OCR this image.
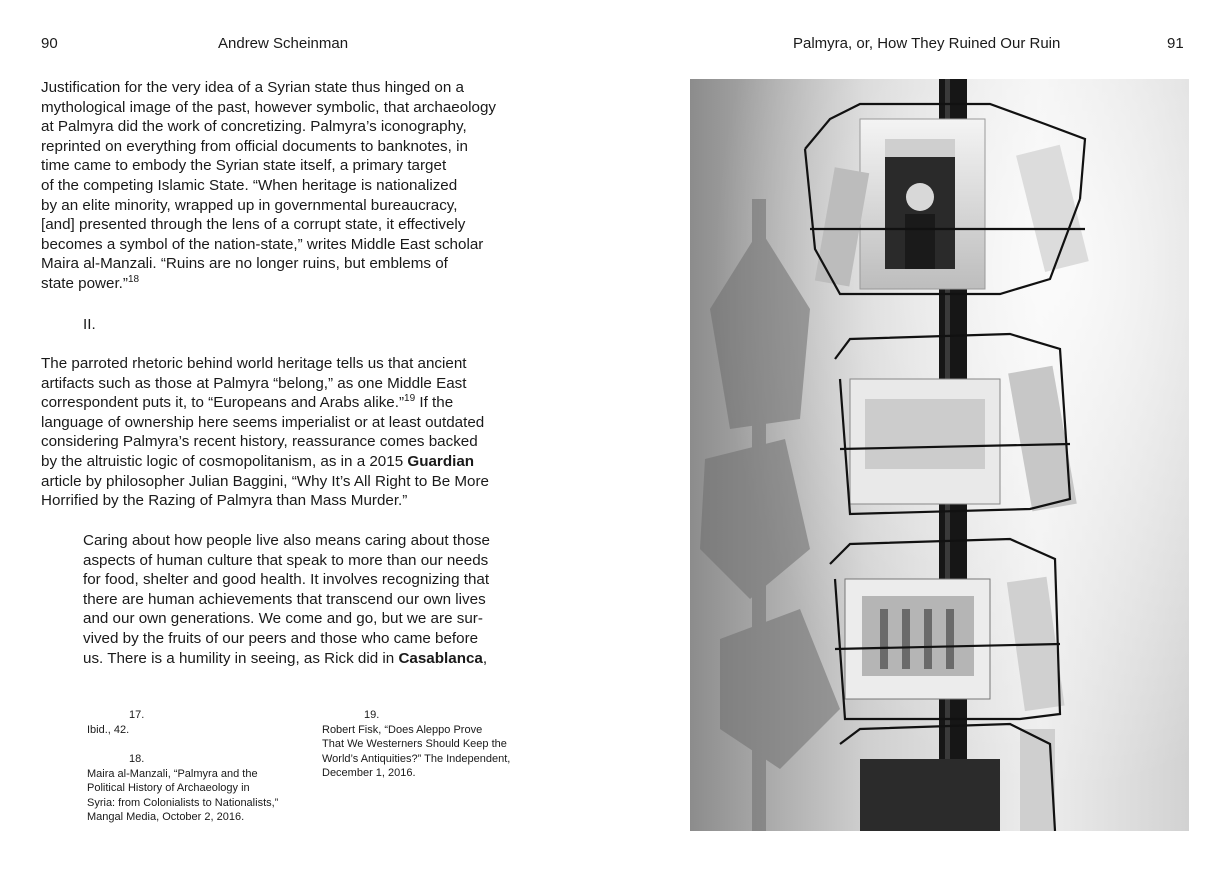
90	Andrew Scheinman	Palmyra, or, How They Ruined Our Ruin	91
Justification for the very idea of a Syrian state thus hinged on a
mythological image of the past, however symbolic, that archaeology
at Palmyra did the work of concretizing. Palmyra’s iconography,
reprinted on everything from official documents to banknotes, in
time came to embody the Syrian state itself, a primary target
of the competing Islamic State. “When heritage is nationalized
by an elite minority, wrapped up in governmental bureaucracy,
[and] presented through the lens of a corrupt state, it effectively
becomes a symbol of the nation-state,” writes Middle East scholar
Maira al-Manzali. “Ruins are no longer ruins, but emblems of
state power.”$^{18}$
II.
The parroted rhetoric behind world heritage tells us that ancient
artifacts such as those at Palmyra “belong,” as one Middle East
correspondent puts it, to “Europeans and Arabs alike.”$^{19}$ If the
language of ownership here seems imperialist or at least outdated
considering Palmyra’s recent history, reassurance comes backed
by the altruistic logic of cosmopolitanism, as in a 2015 Guardian
article by philosopher Julian Baggini, “Why It’s All Right to Be More
Horrified by the Razing of Palmyra than Mass Murder.”
Caring about how people live also means caring about those
aspects of human culture that speak to more than our needs
for food, shelter and good health. It involves recognizing that
there are human achievements that transcend our own lives
and our own generations. We come and go, but we are sur-
vived by the fruits of our peers and those who came before
us. There is a humility in seeing, as Rick did in Casablanca,
17.
Ibid., 42.
18.
Maira al-Manzali, “Palmyra and the
Political History of Archaeology in
Syria: from Colonialists to Nationalists,”
Mangal Media, October 2, 2016.
19.
Robert Fisk, “Does Aleppo Prove
That We Westerners Should Keep the
World’s Antiquities?” The Independent,
December 1, 2016.
